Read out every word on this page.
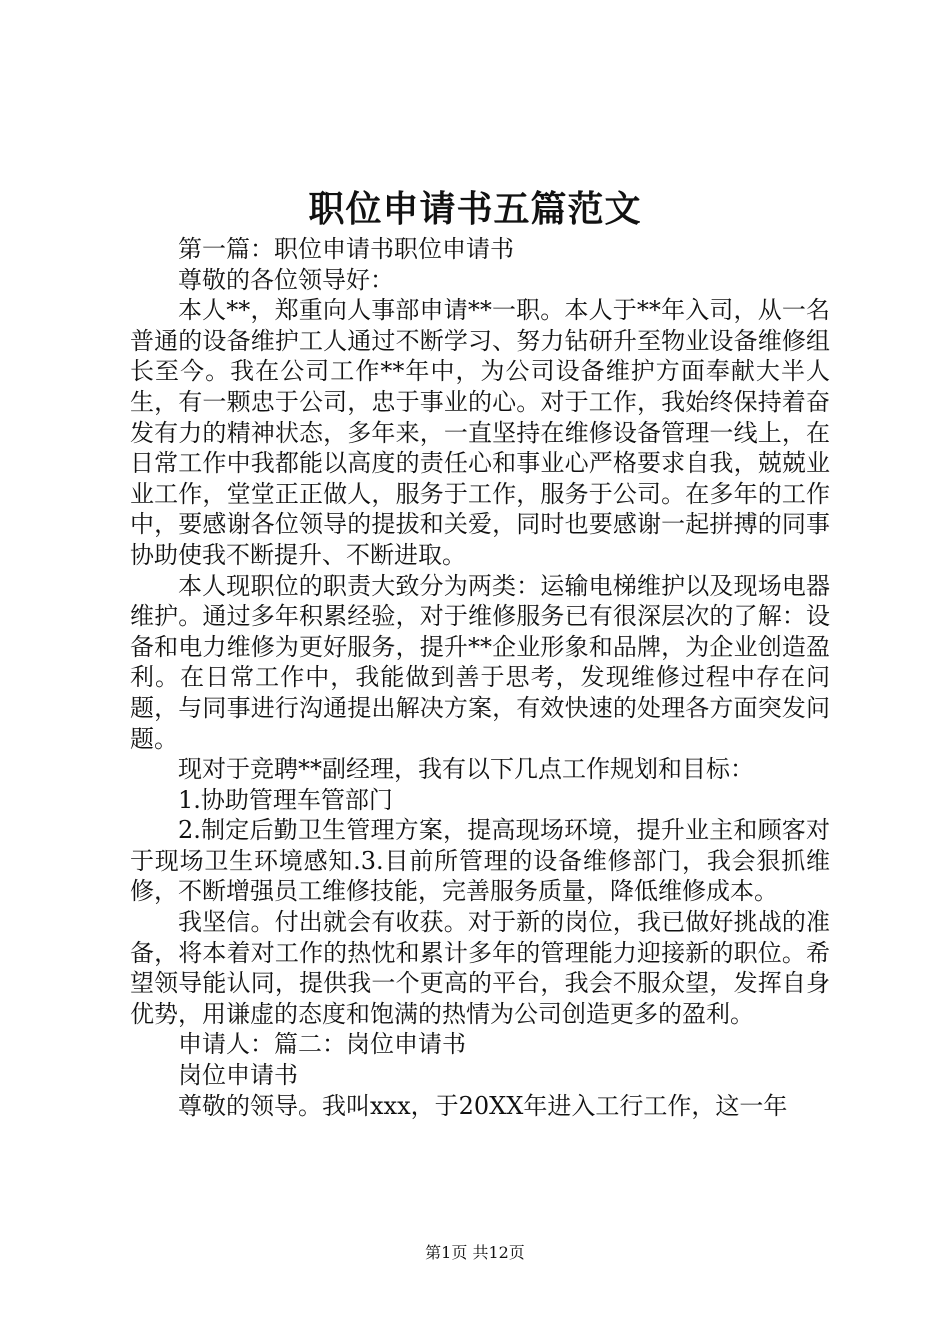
职位申请书五篇范文

第一篇：职位申请书职位申请书

尊敬的各位领导好：

本人**，郑重向人事部申请**一职。本人于**年入司，从一名普通的设备维护工人通过不断学习、努力钻研升至物业设备维修组长至今。我在公司工作**年中，为公司设备维护方面奉献大半人生，有一颗忠于公司，忠于事业的心。对于工作，我始终保持着奋发有力的精神状态，多年来，一直坚持在维修设备管理一线上，在日常工作中我都能以高度的责任心和事业心严格要求自我，兢兢业业工作，堂堂正正做人，服务于工作，服务于公司。在多年的工作中，要感谢各位领导的提拔和关爱，同时也要感谢一起拼搏的同事协助使我不断提升、不断进取。

本人现职位的职责大致分为两类：运输电梯维护以及现场电器维护。通过多年积累经验，对于维修服务已有很深层次的了解：设备和电力维修为更好服务，提升**企业形象和品牌，为企业创造盈利。在日常工作中，我能做到善于思考，发现维修过程中存在问题，与同事进行沟通提出解决方案，有效快速的处理各方面突发问题。

现对于竞聘**副经理，我有以下几点工作规划和目标：

1.协助管理车管部门

2.制定后勤卫生管理方案，提高现场环境，提升业主和顾客对于现场卫生环境感知.3.目前所管理的设备维修部门，我会狠抓维修，不断增强员工维修技能，完善服务质量，降低维修成本。

我坚信。付出就会有收获。对于新的岗位，我已做好挑战的准备，将本着对工作的热忱和累计多年的管理能力迎接新的职位。希望领导能认同，提供我一个更高的平台，我会不服众望，发挥自身优势，用谦虚的态度和饱满的热情为公司创造更多的盈利。

申请人：篇二：岗位申请书

岗位申请书

尊敬的领导。我叫xxx，于20XX年进入工行工作，这一年

第1页 共12页
